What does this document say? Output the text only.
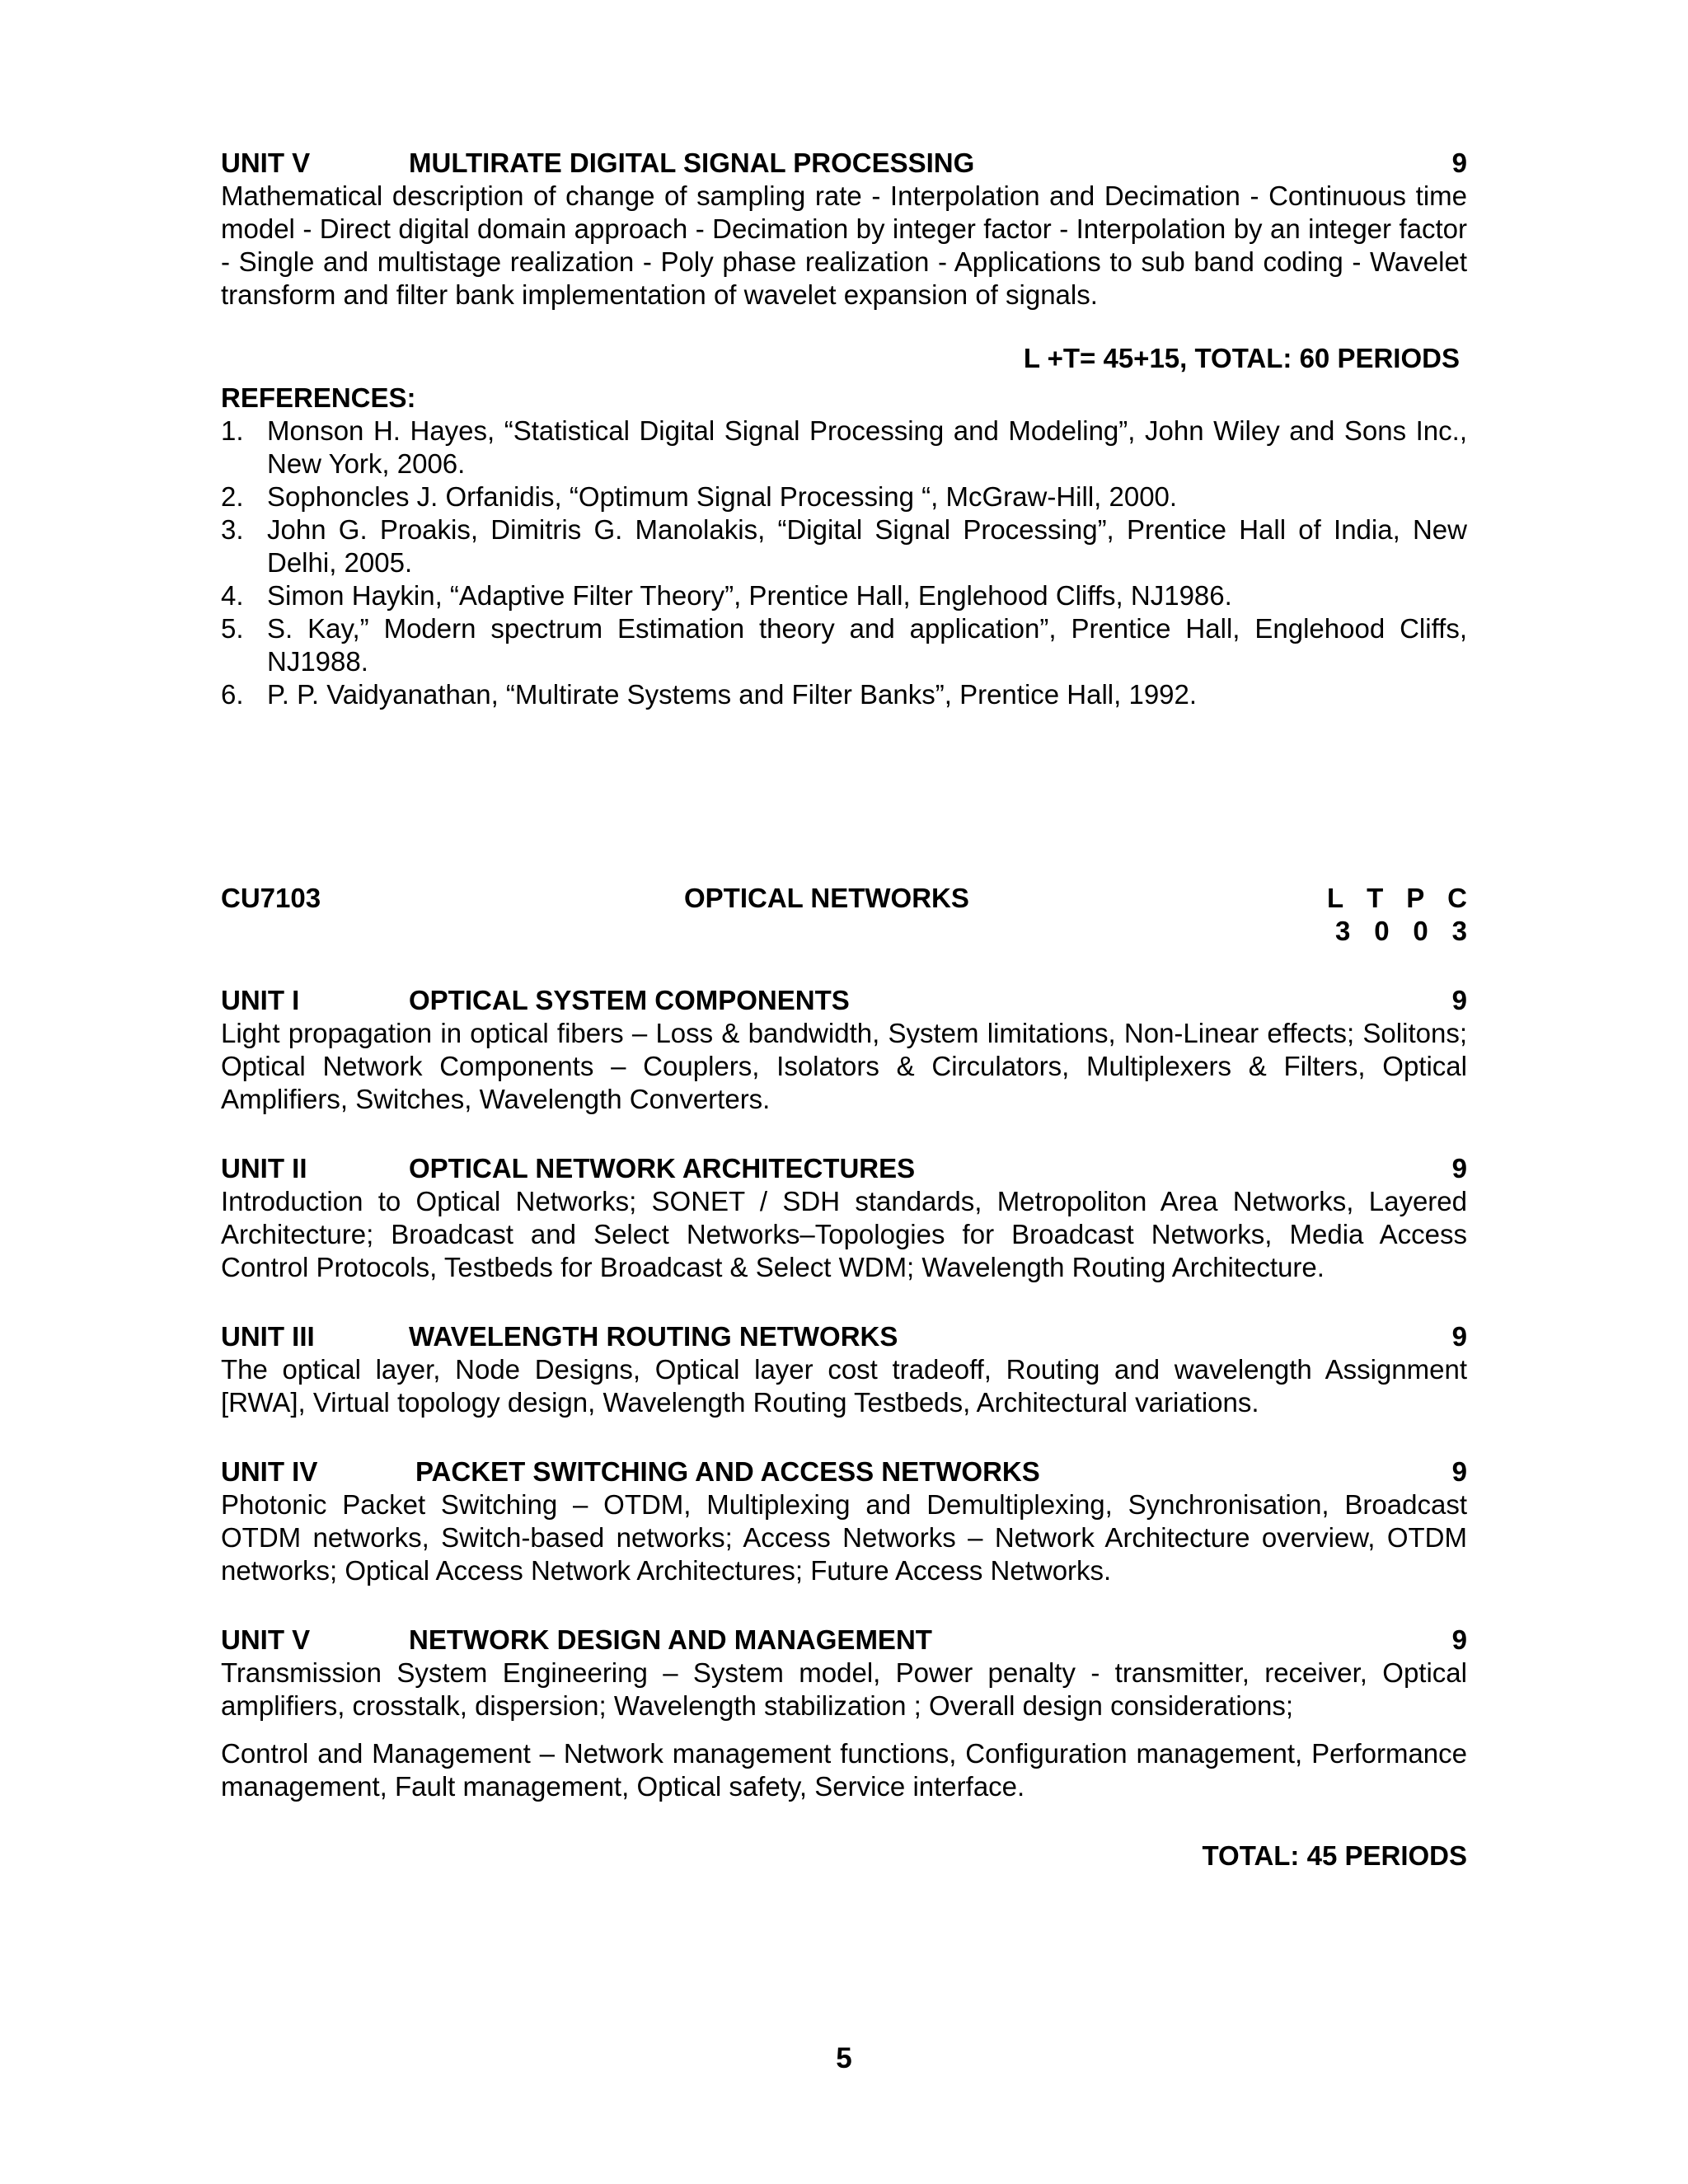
UNIT V	MULTIRATE DIGITAL SIGNAL PROCESSING	9
Mathematical description of change of sampling rate - Interpolation and Decimation - Continuous time model - Direct digital domain approach - Decimation by integer factor - Interpolation by an integer factor - Single and multistage realization - Poly phase realization - Applications to sub band coding - Wavelet transform and filter bank implementation of wavelet expansion of signals.
L +T= 45+15, TOTAL: 60 PERIODS
REFERENCES:
1. Monson H. Hayes, “Statistical Digital Signal Processing and Modeling”, John Wiley and Sons Inc., New York, 2006.
2. Sophoncles J. Orfanidis, “Optimum Signal Processing “, McGraw-Hill, 2000.
3. John G. Proakis, Dimitris G. Manolakis, “Digital Signal Processing”, Prentice Hall of India, New Delhi, 2005.
4. Simon Haykin, “Adaptive Filter Theory”, Prentice Hall, Englehood Cliffs, NJ1986.
5. S. Kay,” Modern spectrum Estimation theory and application”, Prentice Hall, Englehood Cliffs, NJ1988.
6. P. P. Vaidyanathan, “Multirate Systems and Filter Banks”, Prentice Hall, 1992.
CU7103	OPTICAL NETWORKS	L T P C
3 0 0 3
UNIT I	OPTICAL SYSTEM COMPONENTS	9
Light propagation in optical fibers – Loss & bandwidth, System limitations, Non-Linear effects; Solitons; Optical Network Components – Couplers, Isolators & Circulators, Multiplexers & Filters, Optical Amplifiers, Switches, Wavelength Converters.
UNIT II	OPTICAL NETWORK ARCHITECTURES	9
Introduction to Optical Networks; SONET / SDH standards, Metropoliton Area Networks, Layered Architecture; Broadcast and Select Networks–Topologies for Broadcast Networks, Media Access Control Protocols, Testbeds for Broadcast & Select WDM; Wavelength Routing Architecture.
UNIT III	WAVELENGTH ROUTING NETWORKS	9
The optical layer, Node Designs, Optical layer cost tradeoff, Routing and wavelength Assignment [RWA], Virtual topology design, Wavelength Routing Testbeds, Architectural variations.
UNIT IV	PACKET SWITCHING AND ACCESS NETWORKS	9
Photonic Packet Switching – OTDM, Multiplexing and Demultiplexing, Synchronisation, Broadcast OTDM networks, Switch-based networks; Access Networks – Network Architecture overview, OTDM networks; Optical Access Network Architectures; Future Access Networks.
UNIT V	NETWORK DESIGN AND MANAGEMENT	9
Transmission System Engineering – System model, Power penalty - transmitter, receiver, Optical amplifiers, crosstalk, dispersion; Wavelength stabilization ; Overall design considerations;
Control and Management – Network management functions, Configuration management, Performance management, Fault management, Optical safety, Service interface.
TOTAL: 45 PERIODS
5
